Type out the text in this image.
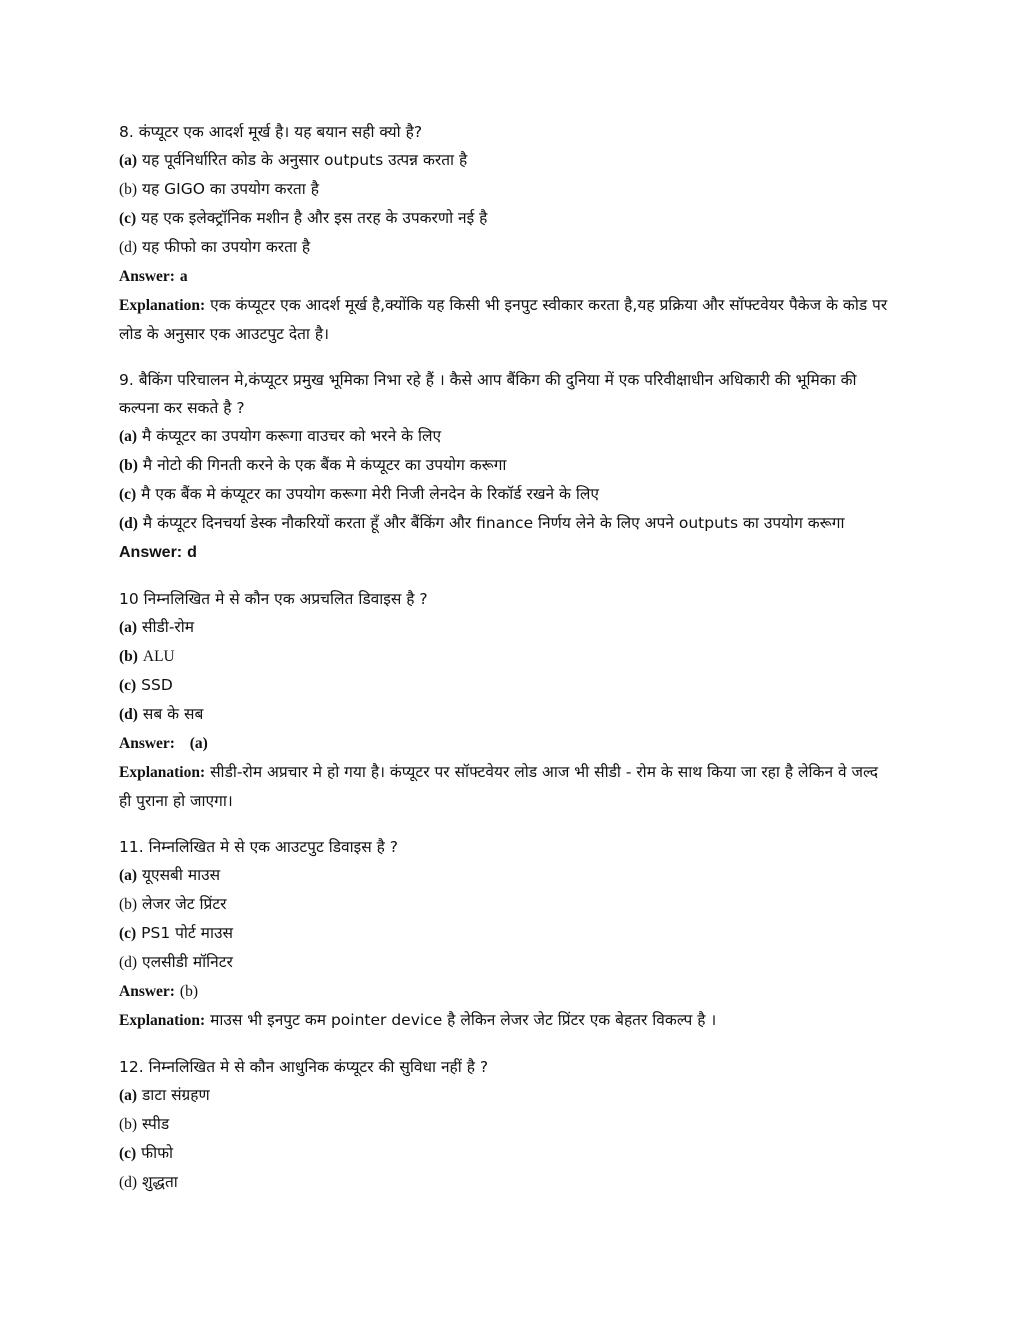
8. कंप्यूटर एक आदर्श मूर्ख है। यह बयान सही क्यो है?
(a) यह पूर्वनिर्धारित कोड के अनुसार outputs उत्पन्न करता है
(b) यह GIGO का उपयोग करता है
(c) यह एक इलेक्ट्रॉनिक मशीन है और इस तरह के उपकरणो नई है
(d) यह फीफो का उपयोग करता है
Answer: a
Explanation: एक कंप्यूटर एक आदर्श मूर्ख है,क्योंकि यह किसी भी इनपुट स्वीकार करता है,यह प्रक्रिया और सॉफ्टवेयर पैकेज के कोड पर लोड के अनुसार एक आउटपुट देता है।
9. बैकिंग परिचालन मे,कंप्यूटर प्रमुख भूमिका निभा रहे हैं । कैसे आप बैंकिग की दुनिया में एक परिवीक्षाधीन अधिकारी की भूमिका की कल्पना कर सकते है ?
(a) मै कंप्यूटर का उपयोग करूगा वाउचर को भरने के लिए
(b) मै नोटो की गिनती करने के एक बैंक मे कंप्यूटर का उपयोग करूगा
(c) मै एक बैंक मे कंप्यूटर का उपयोग करूगा मेरी निजी लेनदेन के रिकॉर्ड रखने के लिए
(d) मै कंप्यूटर दिनचर्या डेस्क नौकरियों करता हूँ और बैंकिंग और finance निर्णय लेने के लिए अपने outputs का उपयोग करूगा
Answer: d
10 निम्नलिखित मे से कौन एक अप्रचलित डिवाइस है ?
(a) सीडी-रोम
(b) ALU
(c) SSD
(d) सब के सब
Answer: (a)
Explanation: सीडी-रोम अप्रचार मे हो गया है। कंप्यूटर पर सॉफ्टवेयर लोड आज भी सीडी - रोम के साथ किया जा रहा है लेकिन वे जल्द ही पुराना हो जाएगा।
11. निम्नलिखित मे से एक आउटपुट डिवाइस है ?
(a) यूएसबी माउस
(b) लेजर जेट प्रिंटर
(c) PS1 पोर्ट माउस
(d) एलसीडी मॉनिटर
Answer: (b)
Explanation: माउस भी इनपुट कम pointer device है लेकिन लेजर जेट प्रिंटर एक बेहतर विकल्प है ।
12. निम्नलिखित मे से कौन आधुनिक कंप्यूटर की सुविधा नहीं है ?
(a) डाटा संग्रहण
(b) स्पीड
(c) फीफो
(d) शुद्धता
